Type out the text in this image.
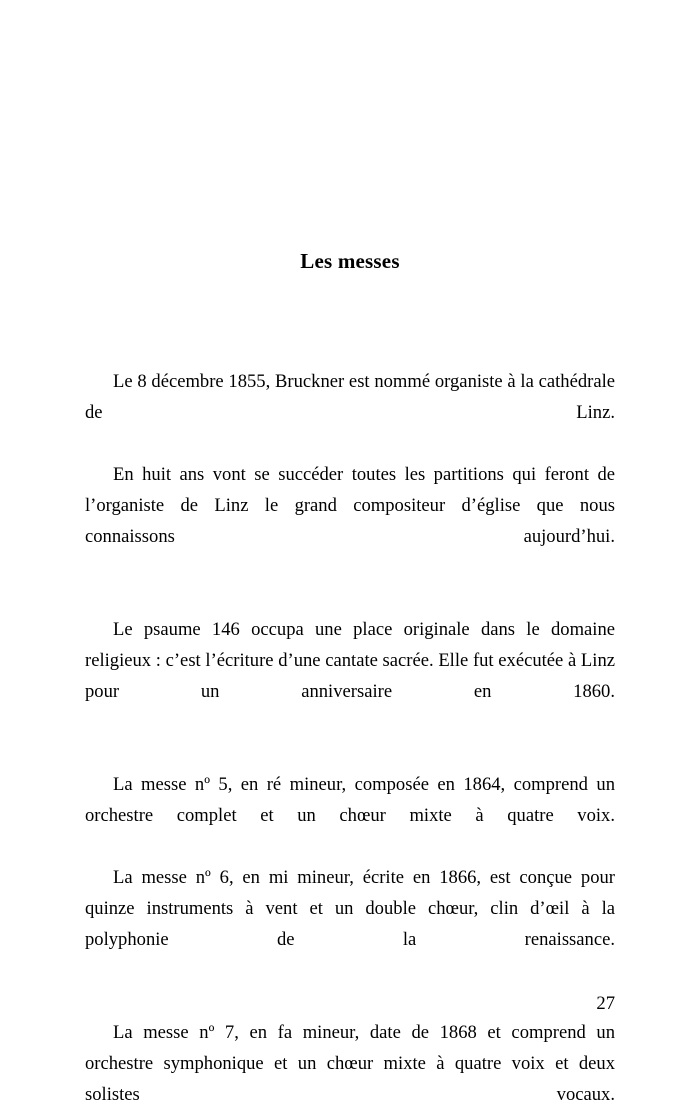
Les messes

Le 8 décembre 1855, Bruckner est nommé organiste à la cathédrale de Linz.

En huit ans vont se succéder toutes les partitions qui feront de l’organiste de Linz le grand compositeur d’église que nous connaissons aujourd’hui.

Le psaume 146 occupa une place originale dans le domaine religieux : c’est l’écriture d’une cantate sacrée. Elle fut exécutée à Linz pour un anniversaire en 1860.

La messe nº 5, en ré mineur, composée en 1864, comprend un orchestre complet et un chœur mixte à quatre voix.

La messe nº 6, en mi mineur, écrite en 1866, est conçue pour quinze instruments à vent et un double chœur, clin d’œil à la polyphonie de la renaissance.

La messe nº 7, en fa mineur, date de 1868 et comprend un orchestre symphonique et un chœur mixte à quatre voix et deux solistes vocaux.

27
